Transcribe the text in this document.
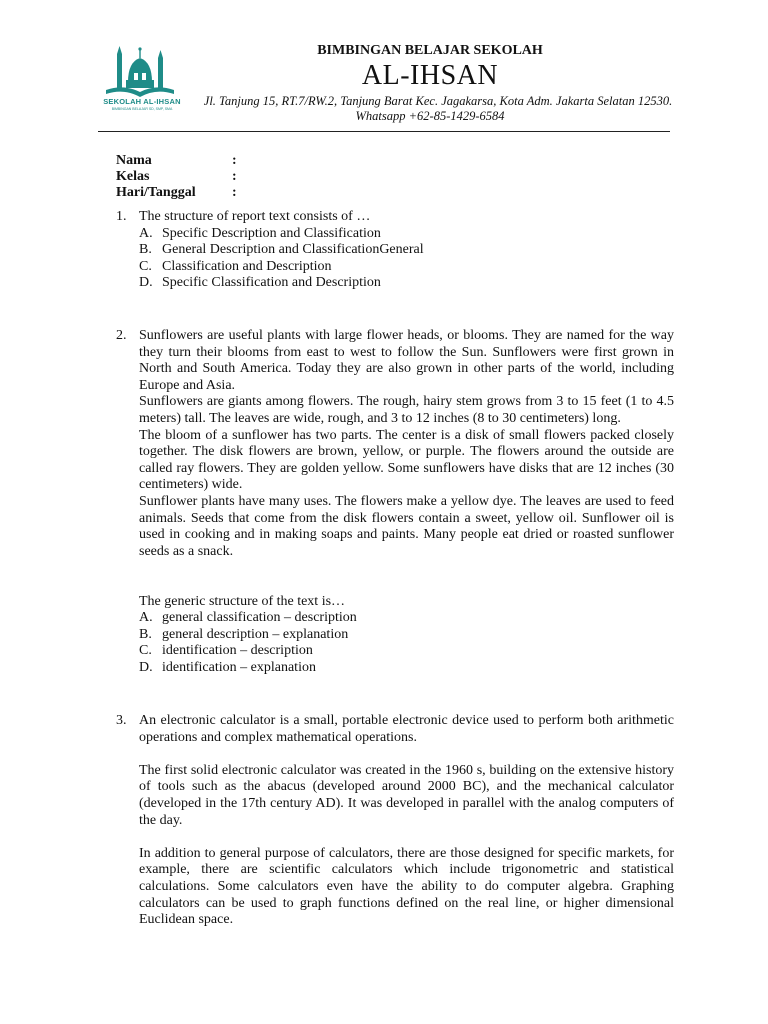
SEKOLAH AL-IHSAN
BIMBINGAN BELAJAR SD, SMP, SMA
BIMBINGAN BELAJAR SEKOLAH
AL-IHSAN
Jl. Tanjung 15, RT.7/RW.2, Tanjung Barat Kec. Jagakarsa, Kota Adm. Jakarta Selatan 12530.
Whatsapp +62-85-1429-6584
Nama	:
Kelas	:
Hari/Tanggal	:
1. The structure of report text consists of …
A. Specific Description and Classification
B. General Description and ClassificationGeneral
C. Classification and Description
D. Specific Classification and Description
2. Sunflowers are useful plants with large flower heads, or blooms. They are named for the way they turn their blooms from east to west to follow the Sun. Sunflowers were first grown in North and South America. Today they are also grown in other parts of the world, including Europe and Asia.
Sunflowers are giants among flowers. The rough, hairy stem grows from 3 to 15 feet (1 to 4.5 meters) tall. The leaves are wide, rough, and 3 to 12 inches (8 to 30 centimeters) long.
The bloom of a sunflower has two parts. The center is a disk of small flowers packed closely together. The disk flowers are brown, yellow, or purple. The flowers around the outside are called ray flowers. They are golden yellow. Some sunflowers have disks that are 12 inches (30 centimeters) wide.
Sunflower plants have many uses. The flowers make a yellow dye. The leaves are used to feed animals. Seeds that come from the disk flowers contain a sweet, yellow oil. Sunflower oil is used in cooking and in making soaps and paints. Many people eat dried or roasted sunflower seeds as a snack.
The generic structure of the text is…
A. general classification – description
B. general description – explanation
C. identification – description
D. identification – explanation
3. An electronic calculator is a small, portable electronic device used to perform both arithmetic operations and complex mathematical operations.
The first solid electronic calculator was created in the 1960 s, building on the extensive history of tools such as the abacus (developed around 2000 BC), and the mechanical calculator (developed in the 17th century AD). It was developed in parallel with the analog computers of the day.
In addition to general purpose of calculators, there are those designed for specific markets, for example, there are scientific calculators which include trigonometric and statistical calculations. Some calculators even have the ability to do computer algebra. Graphing calculators can be used to graph functions defined on the real line, or higher dimensional Euclidean space.
